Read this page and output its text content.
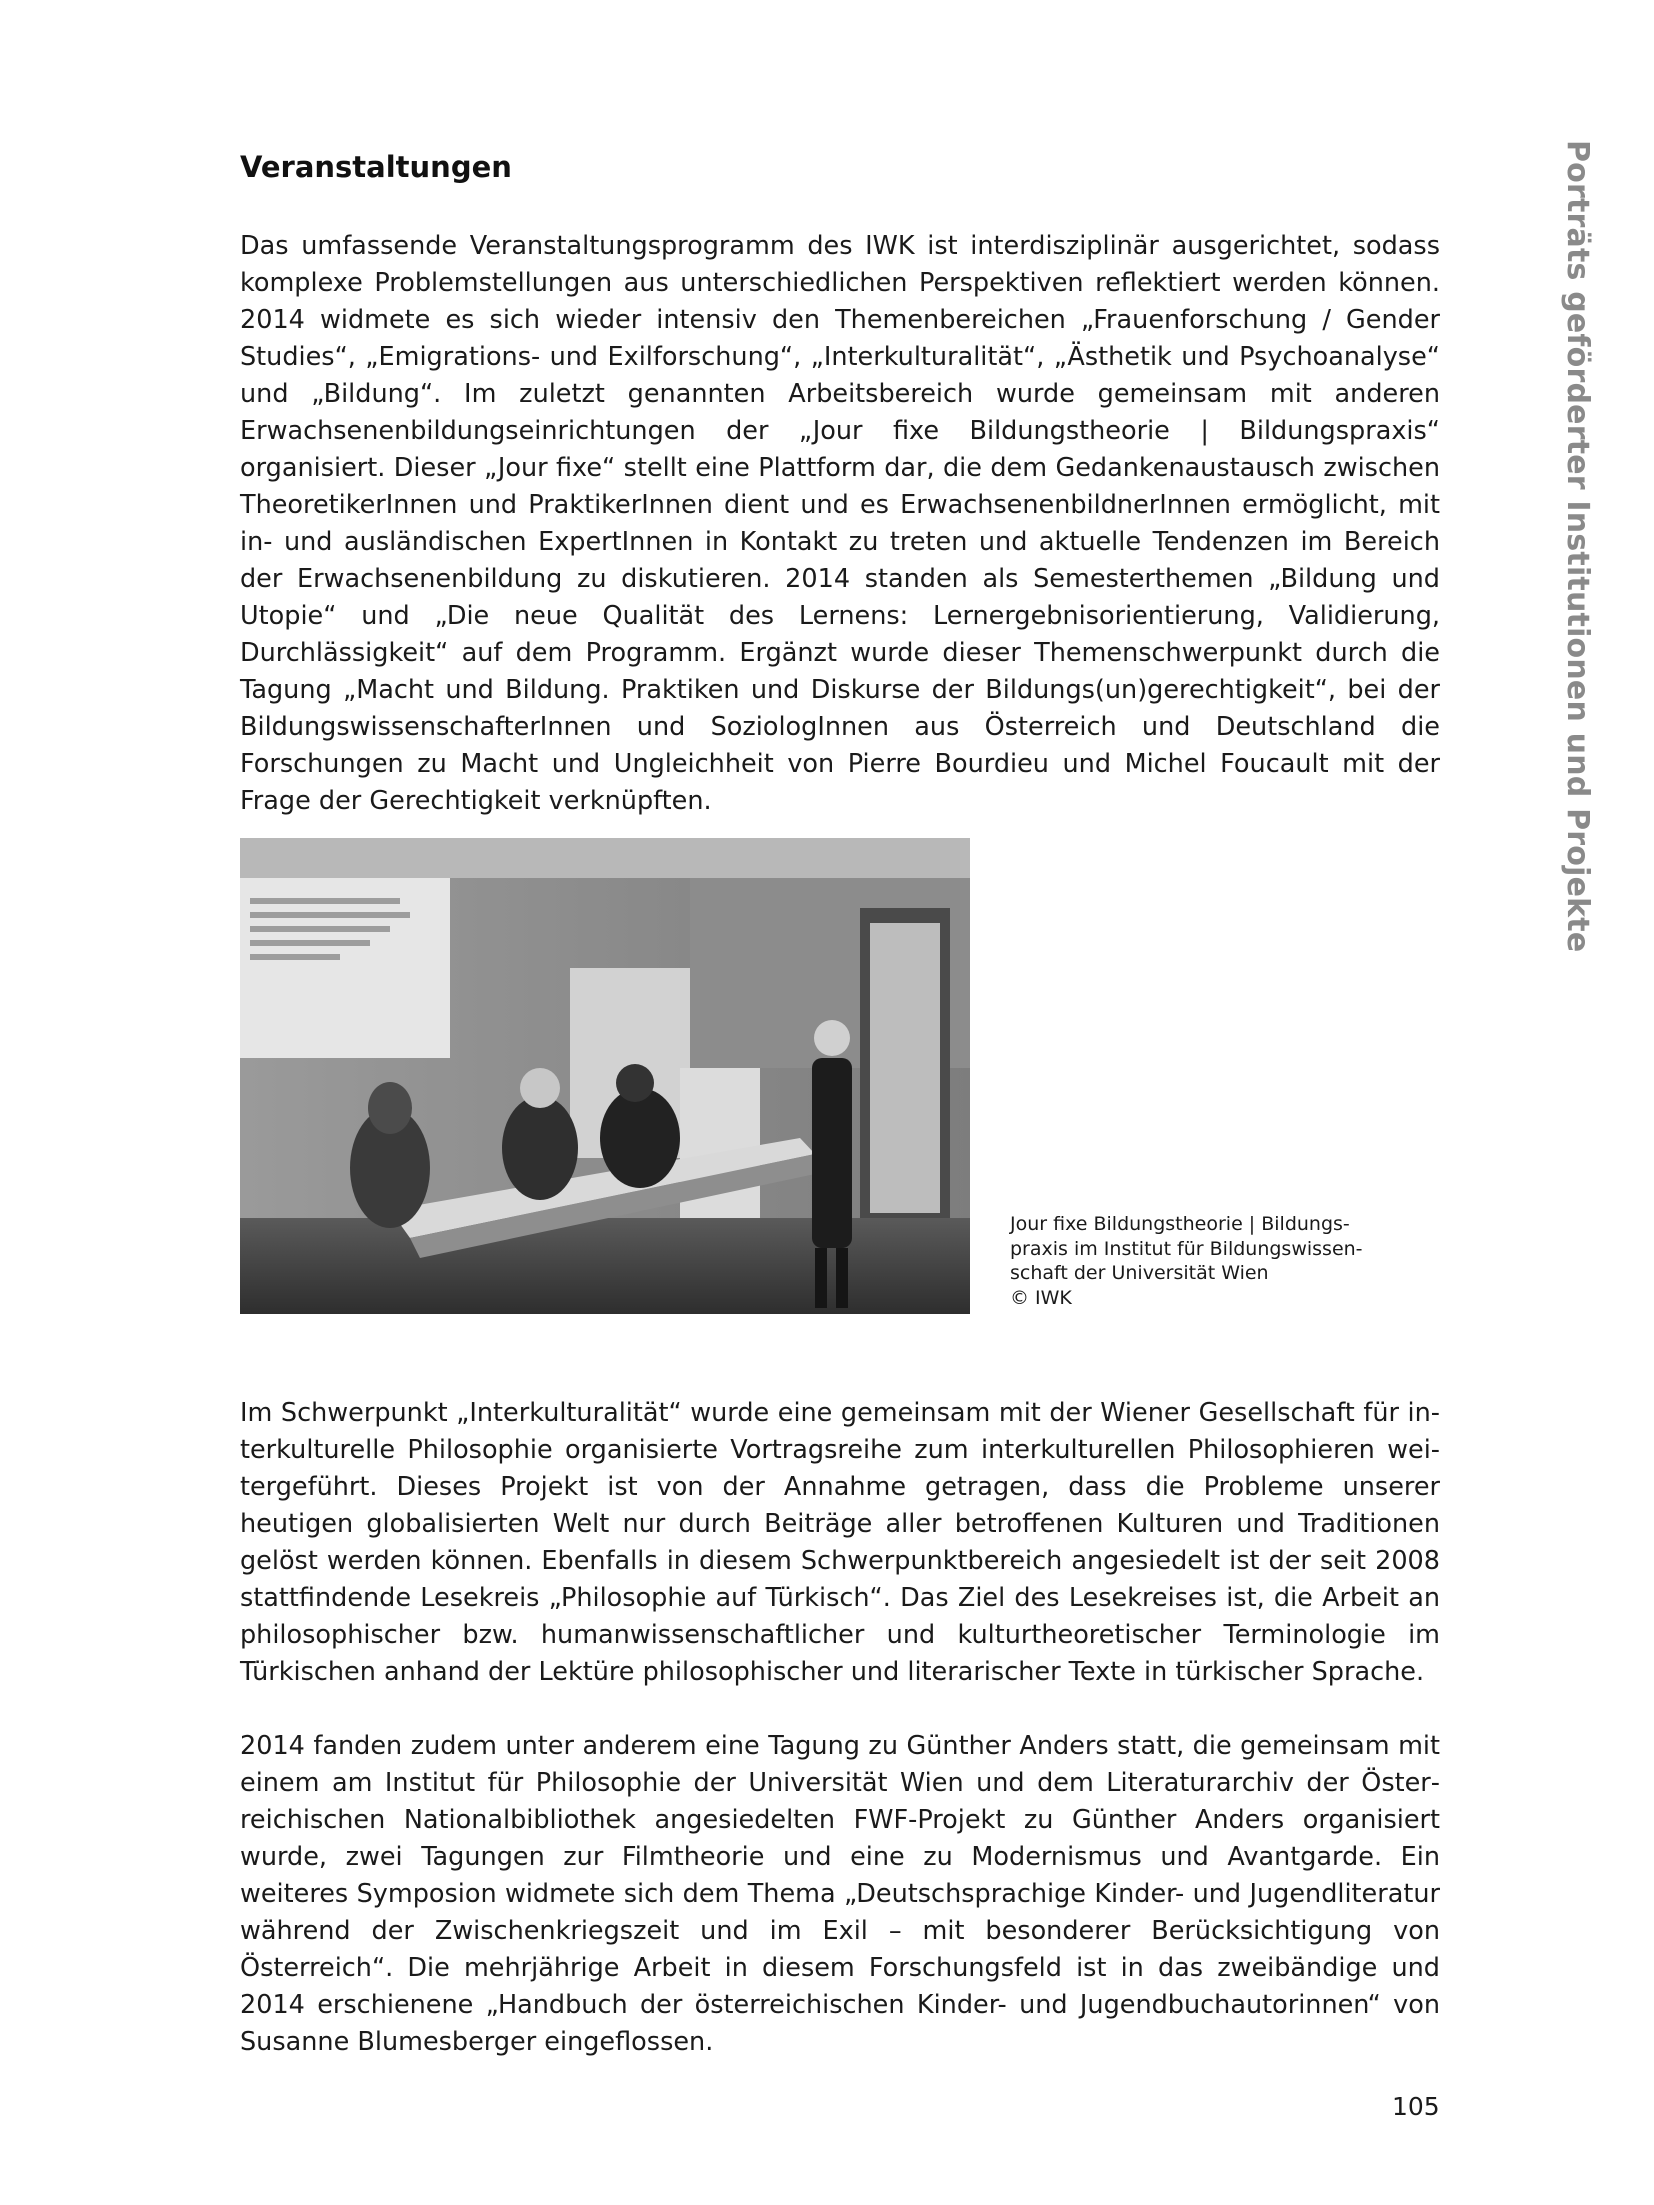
Veranstaltungen

Das umfassende Veranstaltungsprogramm des IWK ist interdisziplinär ausgerichtet, sodass komplexe Problemstellungen aus unterschiedlichen Perspektiven reflektiert werden können. 2014 widmete es sich wieder intensiv den Themenbereichen „Frauenforschung / Gender Studies“, „Emigrations- und Exilforschung“, „Interkulturalität“, „Ästhetik und Psychoanalyse“ und „Bildung“. Im zuletzt genannten Arbeitsbereich wurde gemeinsam mit anderen Erwachsenenbildungseinrichtungen der „Jour fixe Bildungstheorie | Bildungspraxis“ organisiert. Dieser „Jour fixe“ stellt eine Plattform dar, die dem Gedankenaustausch zwischen TheoretikerInnen und PraktikerInnen dient und es ErwachsenenbildnerInnen ermöglicht, mit in- und ausländischen ExpertInnen in Kontakt zu treten und aktuelle Tendenzen im Bereich der Erwachsenenbildung zu diskutieren. 2014 standen als Semesterthemen „Bildung und Utopie“ und „Die neue Qualität des Lernens: Lernergebnisorientierung, Validierung, Durchlässigkeit“ auf dem Programm. Ergänzt wurde dieser Themenschwerpunkt durch die Tagung „Macht und Bildung. Praktiken und Diskurse der Bildungs(un)gerechtigkeit“, bei der BildungswissenschafterInnen und SoziologInnen aus Österreich und Deutschland die Forschungen zu Macht und Ungleichheit von Pierre Bourdieu und Michel Foucault mit der Frage der Gerechtigkeit verknüpften.

Jour fixe Bildungstheorie | Bildungs-
praxis im Institut für Bildungswissen-
schaft der Universität Wien
© IWK

Im Schwerpunkt „Interkulturalität“ wurde eine gemeinsam mit der Wiener Gesellschaft für interkulturelle Philosophie organisierte Vortragsreihe zum interkulturellen Philosophieren weitergeführt. Dieses Projekt ist von der Annahme getragen, dass die Probleme unserer heutigen globalisierten Welt nur durch Beiträge aller betroffenen Kulturen und Traditionen gelöst werden können. Ebenfalls in diesem Schwerpunktbereich angesiedelt ist der seit 2008 stattfindende Lesekreis „Philosophie auf Türkisch“. Das Ziel des Lesekreises ist, die Arbeit an philosophischer bzw. humanwissenschaftlicher und kulturtheoretischer Terminologie im Türkischen anhand der Lektüre philosophischer und literarischer Texte in türkischer Sprache.

2014 fanden zudem unter anderem eine Tagung zu Günther Anders statt, die gemeinsam mit einem am Institut für Philosophie der Universität Wien und dem Literaturarchiv der Österreichischen Nationalbibliothek angesiedelten FWF-Projekt zu Günther Anders organisiert wurde, zwei Tagungen zur Filmtheorie und eine zu Modernismus und Avantgarde. Ein weiteres Symposion widmete sich dem Thema „Deutschsprachige Kinder- und Jugendliteratur während der Zwischenkriegszeit und im Exil – mit besonderer Berücksichtigung von Österreich“. Die mehrjährige Arbeit in diesem Forschungsfeld ist in das zweibändige und 2014 erschienene „Handbuch der österreichischen Kinder- und Jugendbuchautorinnen“ von Susanne Blumesberger eingeflossen.

Porträts geförderter Institutionen und Projekte
105
